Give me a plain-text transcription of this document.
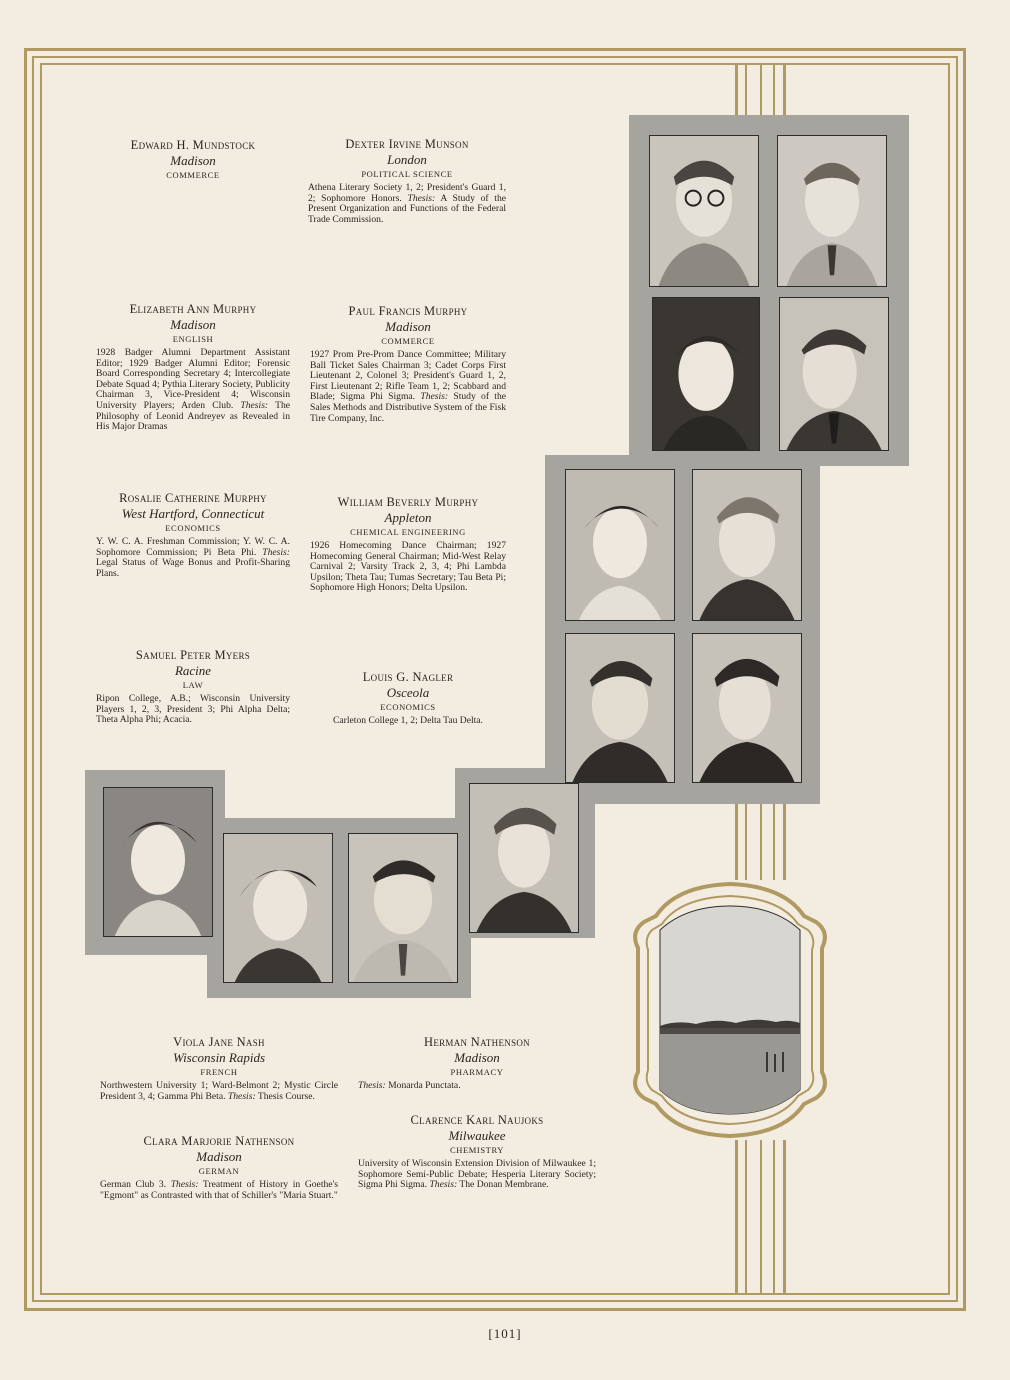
Edward H. Mundstock
Madison
COMMERCE
Elizabeth Ann Murphy
Madison
ENGLISH
1928 Badger Alumni Department Assistant Editor; 1929 Badger Alumni Editor; Forensic Board Corresponding Secretary 4; Intercollegiate Debate Squad 4; Pythia Literary Society, Publicity Chairman 3, Vice-President 4; Wisconsin University Players; Arden Club. Thesis: The Philosophy of Leonid Andreyev as Revealed in His Major Dramas
Rosalie Catherine Murphy
West Hartford, Connecticut
ECONOMICS
Y. W. C. A. Freshman Commission; Y. W. C. A. Sophomore Commission; Pi Beta Phi. Thesis: Legal Status of Wage Bonus and Profit-Sharing Plans.
Samuel Peter Myers
Racine
LAW
Ripon College, A.B.; Wisconsin University Players 1, 2, 3, President 3; Phi Alpha Delta; Theta Alpha Phi; Acacia.
Dexter Irvine Munson
London
POLITICAL SCIENCE
Athena Literary Society 1, 2; President's Guard 1, 2; Sophomore Honors. Thesis: A Study of the Present Organization and Functions of the Federal Trade Commission.
Paul Francis Murphy
Madison
COMMERCE
1927 Prom Pre-Prom Dance Committee; Military Ball Ticket Sales Chairman 3; Cadet Corps First Lieutenant 2, Colonel 3; President's Guard 1, 2, First Lieutenant 2; Rifle Team 1, 2; Scabbard and Blade; Sigma Phi Sigma. Thesis: Study of the Sales Methods and Distributive System of the Fisk Tire Company, Inc.
William Beverly Murphy
Appleton
CHEMICAL ENGINEERING
1926 Homecoming Dance Chairman; 1927 Homecoming General Chairman; Mid-West Relay Carnival 2; Varsity Track 2, 3, 4; Phi Lambda Upsilon; Theta Tau; Tumas Secretary; Tau Beta Pi; Sophomore High Honors; Delta Upsilon.
Louis G. Nagler
Osceola
ECONOMICS
Carleton College 1, 2; Delta Tau Delta.
Viola Jane Nash
Wisconsin Rapids
FRENCH
Northwestern University 1; Ward-Belmont 2; Mystic Circle President 3, 4; Gamma Phi Beta. Thesis: Thesis Course.
Clara Marjorie Nathenson
Madison
GERMAN
German Club 3. Thesis: Treatment of History in Goethe's "Egmont" as Contrasted with that of Schiller's "Maria Stuart."
Herman Nathenson
Madison
PHARMACY
Thesis: Monarda Punctata.
Clarence Karl Naujoks
Milwaukee
CHEMISTRY
University of Wisconsin Extension Division of Milwaukee 1; Sophomore Semi-Public Debate; Hesperia Literary Society; Sigma Phi Sigma. Thesis: The Donan Membrane.
[101]
